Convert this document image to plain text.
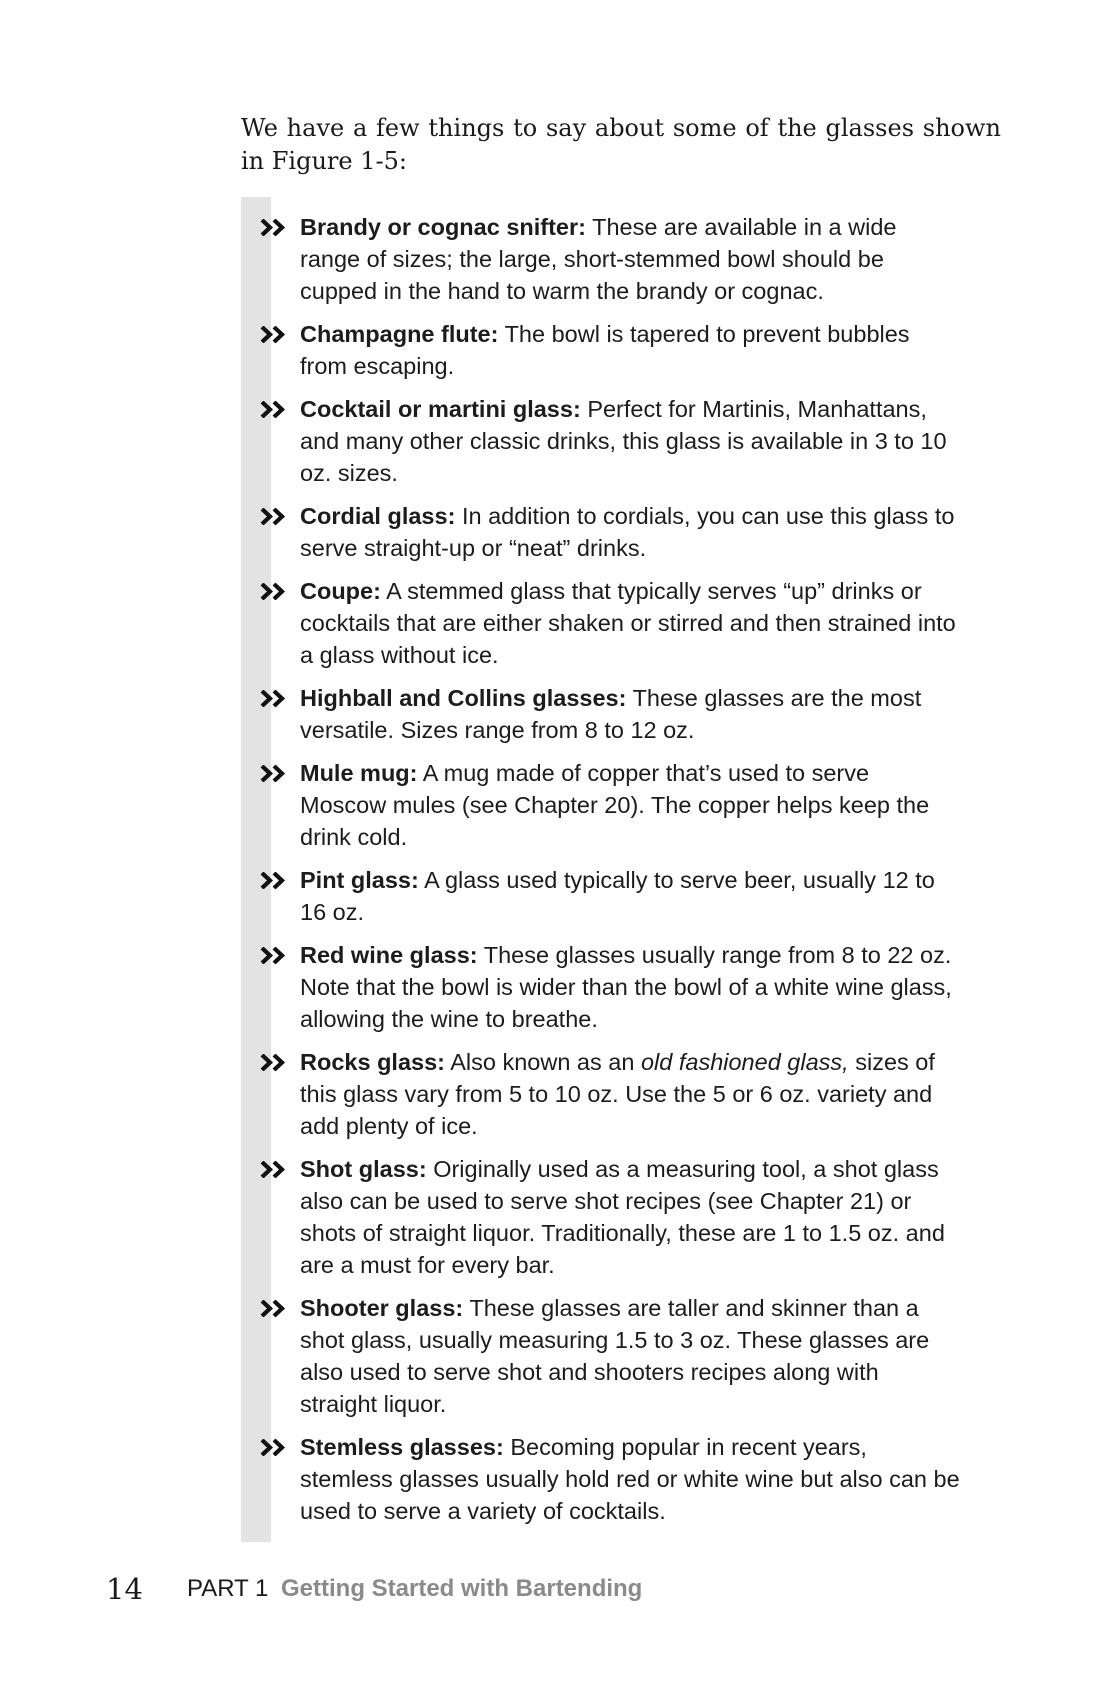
We have a few things to say about some of the glasses shown in Figure 1-5:

Brandy or cognac snifter: These are available in a wide range of sizes; the large, short-stemmed bowl should be cupped in the hand to warm the brandy or cognac.
Champagne flute: The bowl is tapered to prevent bubbles from escaping.
Cocktail or martini glass: Perfect for Martinis, Manhattans, and many other classic drinks, this glass is available in 3 to 10 oz. sizes.
Cordial glass: In addition to cordials, you can use this glass to serve straight-up or “neat” drinks.
Coupe: A stemmed glass that typically serves “up” drinks or cocktails that are either shaken or stirred and then strained into a glass without ice.
Highball and Collins glasses: These glasses are the most versatile. Sizes range from 8 to 12 oz.
Mule mug: A mug made of copper that’s used to serve Moscow mules (see Chapter 20). The copper helps keep the drink cold.
Pint glass: A glass used typically to serve beer, usually 12 to 16 oz.
Red wine glass: These glasses usually range from 8 to 22 oz. Note that the bowl is wider than the bowl of a white wine glass, allowing the wine to breathe.
Rocks glass: Also known as an old fashioned glass, sizes of this glass vary from 5 to 10 oz. Use the 5 or 6 oz. variety and add plenty of ice.
Shot glass: Originally used as a measuring tool, a shot glass also can be used to serve shot recipes (see Chapter 21) or shots of straight liquor. Traditionally, these are 1 to 1.5 oz. and are a must for every bar.
Shooter glass: These glasses are taller and skinner than a shot glass, usually measuring 1.5 to 3 oz. These glasses are also used to serve shot and shooters recipes along with straight liquor.
Stemless glasses: Becoming popular in recent years, stemless glasses usually hold red or white wine but also can be used to serve a variety of cocktails.
14 PART 1 Getting Started with Bartending
